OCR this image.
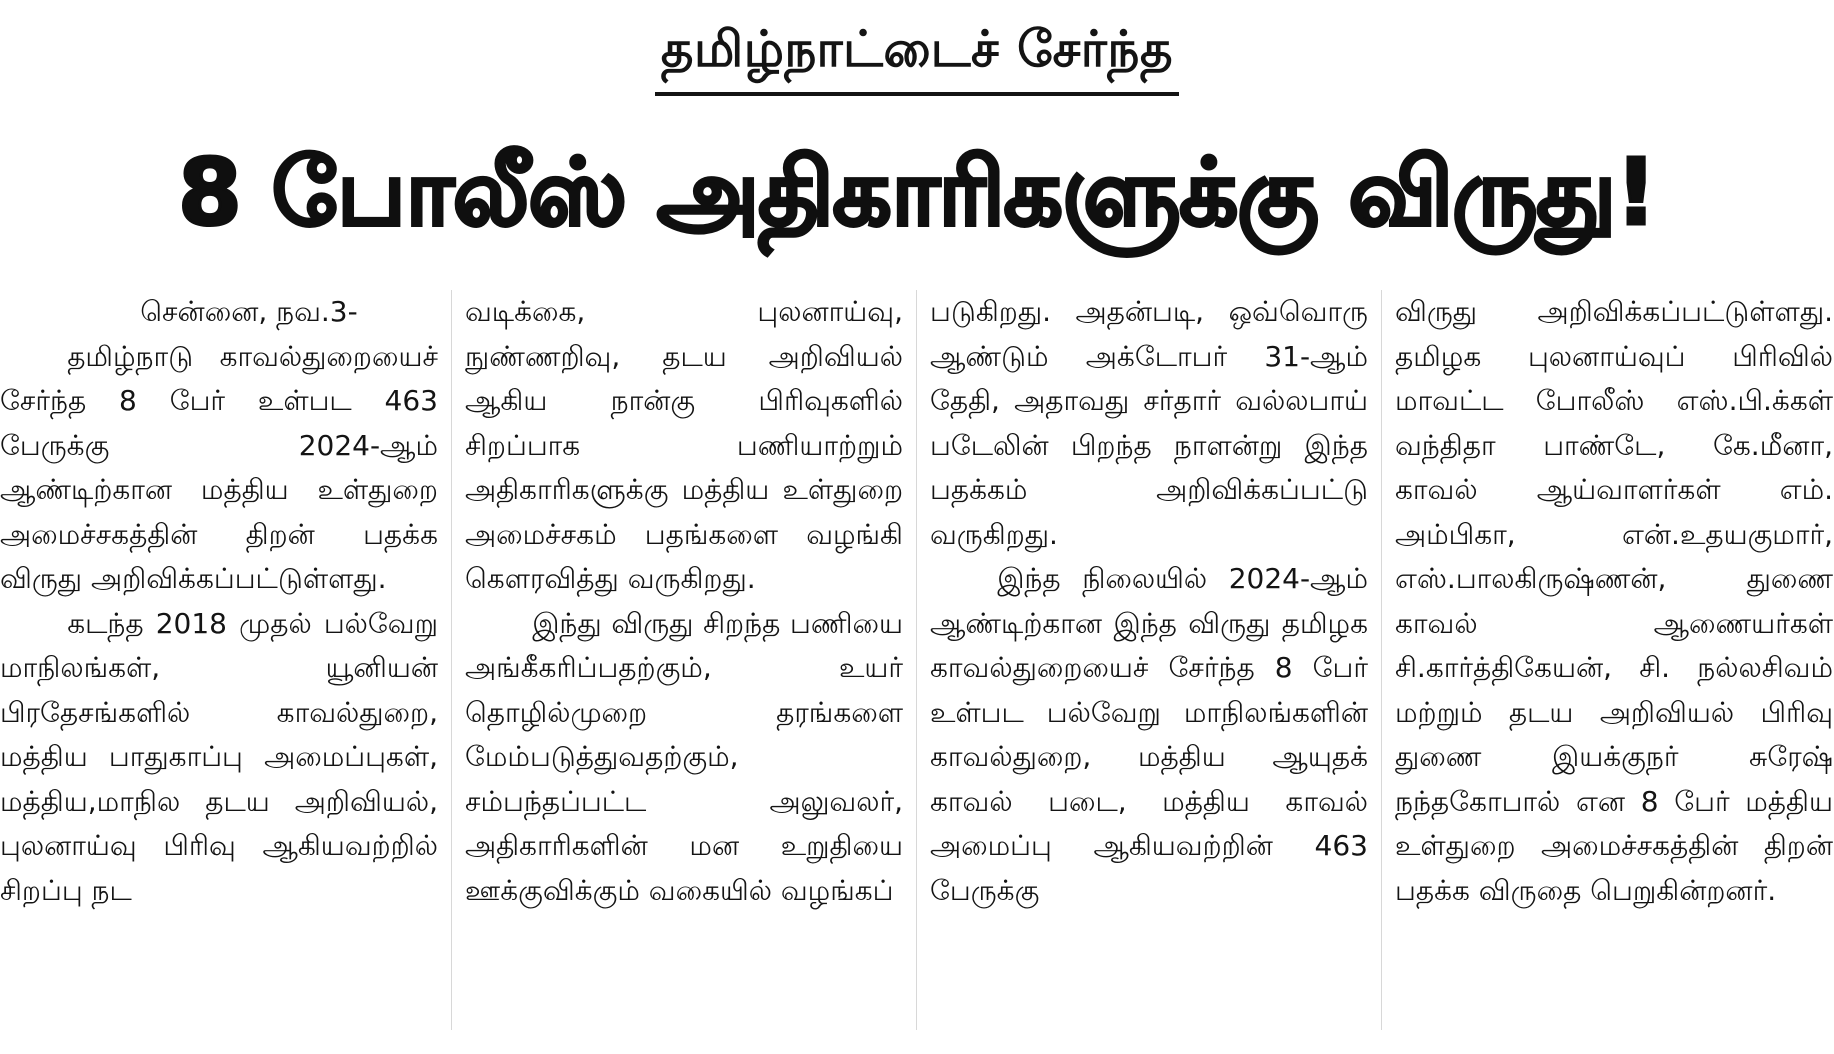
தமிழ்நாட்டைச் சேர்ந்த
8 போலீஸ் அதிகாரிகளுக்கு விருது!

சென்னை, நவ.3-

தமிழ்நாடு காவல்துறையைச் சேர்ந்த 8 பேர் உள்பட 463 பேருக்கு 2024-ஆம் ஆண்டிற்கான மத்திய உள்துறை அமைச்சகத்தின் திறன் பதக்க விருது அறிவிக்கப்பட்டுள்ளது.

கடந்த 2018 முதல் பல்வேறு மாநிலங்கள், யூனியன் பிரதேசங்களில் காவல்துறை, மத்திய பாதுகாப்பு அமைப்புகள், மத்திய,மாநில தடய அறிவியல், புலனாய்வு பிரிவு ஆகியவற்றில் சிறப்பு நட

வடிக்கை, புலனாய்வு, நுண்ணறிவு, தடய அறிவியல் ஆகிய நான்கு பிரிவுகளில் சிறப்பாக பணியாற்றும் அதிகாரிகளுக்கு மத்திய உள்துறை அமைச்சகம் பதங்களை வழங்கி கௌரவித்து வருகிறது.

இந்து விருது சிறந்த பணியை அங்கீகரிப்பதற்கும், உயர் தொழில்முறை தரங்களை மேம்படுத்துவதற்கும், சம்பந்தப்பட்ட அலுவலர், அதிகாரிகளின் மன உறுதியை ஊக்குவிக்கும் வகையில் வழங்கப்

படுகிறது. அதன்படி, ஒவ்வொரு ஆண்டும் அக்டோபர் 31-ஆம் தேதி, அதாவது சர்தார் வல்லபாய் படேலின் பிறந்த நாளன்று இந்த பதக்கம் அறிவிக்கப்பட்டு வருகிறது.

இந்த நிலையில் 2024-ஆம் ஆண்டிற்கான இந்த விருது தமிழக காவல்துறையைச் சேர்ந்த 8 பேர் உள்பட பல்வேறு மாநிலங்களின் காவல்துறை, மத்திய ஆயுதக் காவல் படை, மத்திய காவல் அமைப்பு ஆகியவற்றின் 463 பேருக்கு

விருது அறிவிக்கப்பட்டுள்ளது. தமிழக புலனாய்வுப் பிரிவில் மாவட்ட போலீஸ் எஸ்.பி.க்கள் வந்திதா பாண்டே, கே.மீனா, காவல் ஆய்வாளர்கள் எம். அம்பிகா, என்.உதயகுமார், எஸ்.பாலகிருஷ்ணன், துணை காவல் ஆணையர்கள் சி.கார்த்திகேயன், சி. நல்லசிவம் மற்றும் தடய அறிவியல் பிரிவு துணை இயக்குநர் சுரேஷ் நந்தகோபால் என 8 பேர் மத்திய உள்துறை அமைச்சகத்தின் திறன் பதக்க விருதை பெறுகின்றனர்.
